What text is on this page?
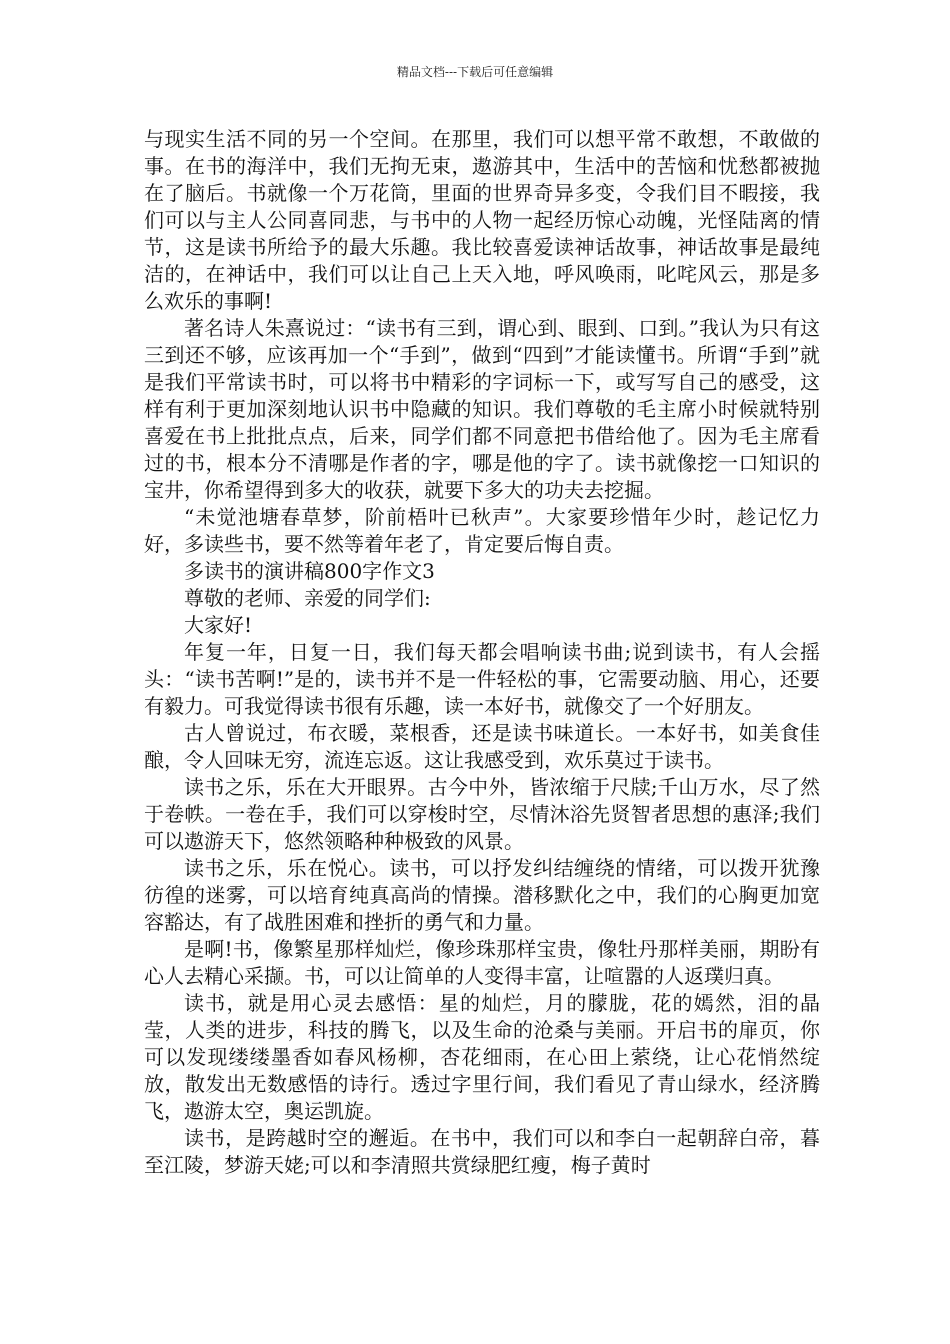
精品文档---下载后可任意编辑

与现实生活不同的另一个空间。在那里，我们可以想平常不敢想，不敢做的事。在书的海洋中，我们无拘无束，遨游其中，生活中的苦恼和忧愁都被抛在了脑后。书就像一个万花筒，里面的世界奇异多变，令我们目不暇接，我们可以与主人公同喜同悲，与书中的人物一起经历惊心动魄，光怪陆离的情节，这是读书所给予的最大乐趣。我比较喜爱读神话故事，神话故事是最纯洁的，在神话中，我们可以让自己上天入地，呼风唤雨，叱咤风云，那是多么欢乐的事啊!

著名诗人朱熹说过：“读书有三到，谓心到、眼到、口到。”我认为只有这三到还不够，应该再加一个“手到”，做到“四到”才能读懂书。所谓“手到”就是我们平常读书时，可以将书中精彩的字词标一下，或写写自己的感受，这样有利于更加深刻地认识书中隐藏的知识。我们尊敬的毛主席小时候就特别喜爱在书上批批点点，后来，同学们都不同意把书借给他了。因为毛主席看过的书，根本分不清哪是作者的字，哪是他的字了。读书就像挖一口知识的宝井，你希望得到多大的收获，就要下多大的功夫去挖掘。

“未觉池塘春草梦，阶前梧叶已秋声”。大家要珍惜年少时，趁记忆力好，多读些书，要不然等着年老了，肯定要后悔自责。

多读书的演讲稿800字作文3

尊敬的老师、亲爱的同学们:

大家好!

年复一年，日复一日，我们每天都会唱响读书曲;说到读书，有人会摇头：“读书苦啊!”是的，读书并不是一件轻松的事，它需要动脑、用心，还要有毅力。可我觉得读书很有乐趣，读一本好书，就像交了一个好朋友。

古人曾说过，布衣暖，菜根香，还是读书味道长。一本好书，如美食佳酿，令人回味无穷，流连忘返。这让我感受到，欢乐莫过于读书。

读书之乐，乐在大开眼界。古今中外，皆浓缩于尺牍;千山万水，尽了然于卷帙。一卷在手，我们可以穿梭时空，尽情沐浴先贤智者思想的惠泽;我们可以遨游天下，悠然领略种种极致的风景。

读书之乐，乐在悦心。读书，可以抒发纠结缠绕的情绪，可以拨开犹豫彷徨的迷雾，可以培育纯真高尚的情操。潜移默化之中，我们的心胸更加宽容豁达，有了战胜困难和挫折的勇气和力量。

是啊!书，像繁星那样灿烂，像珍珠那样宝贵，像牡丹那样美丽，期盼有心人去精心采撷。书，可以让简单的人变得丰富，让喧嚣的人返璞归真。

读书，就是用心灵去感悟：星的灿烂，月的朦胧，花的嫣然，泪的晶莹，人类的进步，科技的腾飞，以及生命的沧桑与美丽。开启书的扉页，你可以发现缕缕墨香如春风杨柳，杏花细雨，在心田上萦绕，让心花悄然绽放，散发出无数感悟的诗行。透过字里行间，我们看见了青山绿水，经济腾飞，遨游太空，奥运凯旋。

读书，是跨越时空的邂逅。在书中，我们可以和李白一起朝辞白帝，暮至江陵，梦游天姥;可以和李清照共赏绿肥红瘦，梅子黄时
